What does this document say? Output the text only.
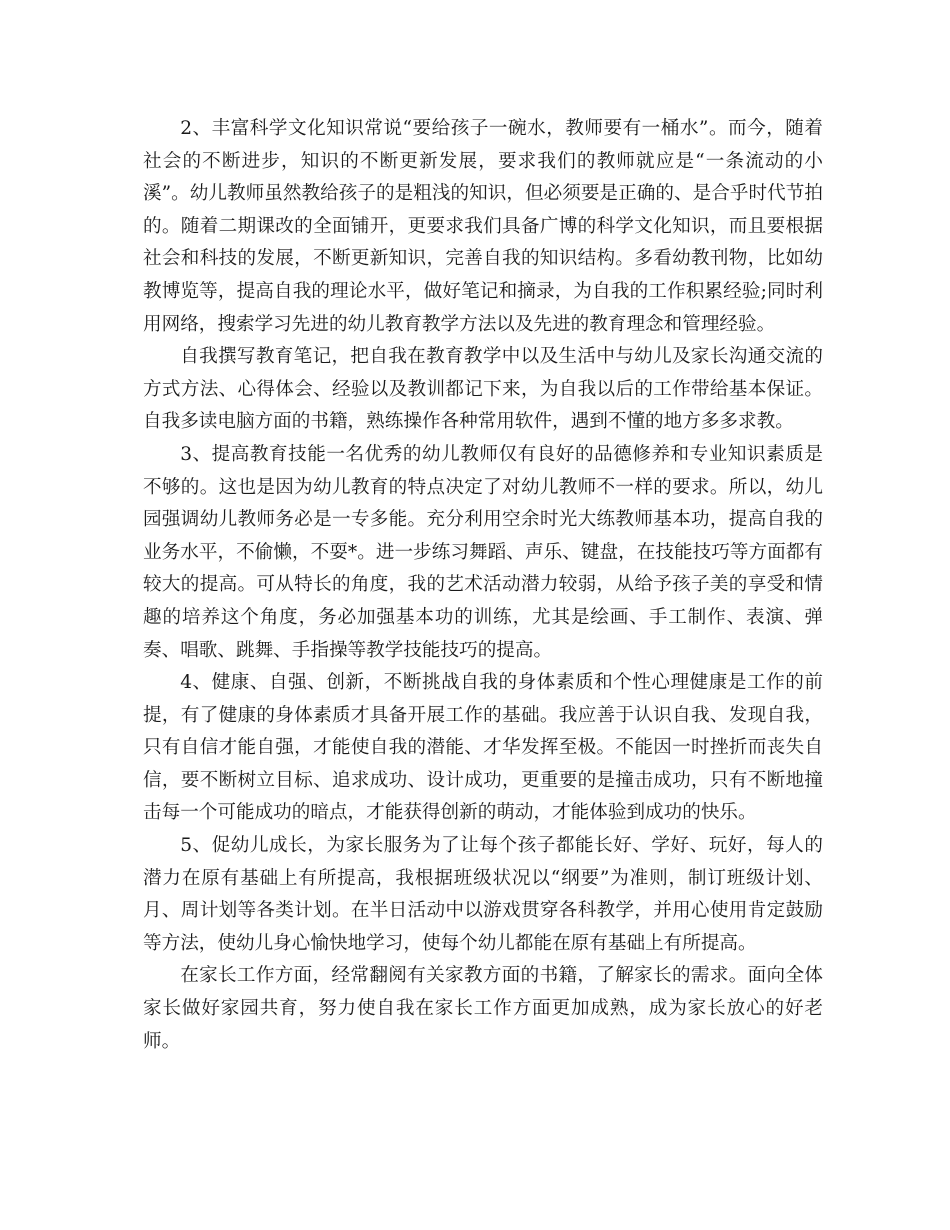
2、丰富科学文化知识常说“要给孩子一碗水，教师要有一桶水”。而今，随着社会的不断进步，知识的不断更新发展，要求我们的教师就应是“一条流动的小溪”。幼儿教师虽然教给孩子的是粗浅的知识，但必须要是正确的、是合乎时代节拍的。随着二期课改的全面铺开，更要求我们具备广博的科学文化知识，而且要根据社会和科技的发展，不断更新知识，完善自我的知识结构。多看幼教刊物，比如幼教博览等，提高自我的理论水平，做好笔记和摘录，为自我的工作积累经验;同时利用网络，搜索学习先进的幼儿教育教学方法以及先进的教育理念和管理经验。

自我撰写教育笔记，把自我在教育教学中以及生活中与幼儿及家长沟通交流的方式方法、心得体会、经验以及教训都记下来，为自我以后的工作带给基本保证。自我多读电脑方面的书籍，熟练操作各种常用软件，遇到不懂的地方多多求教。

3、提高教育技能一名优秀的幼儿教师仅有良好的品德修养和专业知识素质是不够的。这也是因为幼儿教育的特点决定了对幼儿教师不一样的要求。所以，幼儿园强调幼儿教师务必是一专多能。充分利用空余时光大练教师基本功，提高自我的业务水平，不偷懒，不耍*。进一步练习舞蹈、声乐、键盘，在技能技巧等方面都有较大的提高。可从特长的角度，我的艺术活动潜力较弱，从给予孩子美的享受和情趣的培养这个角度，务必加强基本功的训练，尤其是绘画、手工制作、表演、弹奏、唱歌、跳舞、手指操等教学技能技巧的提高。

4、健康、自强、创新，不断挑战自我的身体素质和个性心理健康是工作的前提，有了健康的身体素质才具备开展工作的基础。我应善于认识自我、发现自我，只有自信才能自强，才能使自我的潜能、才华发挥至极。不能因一时挫折而丧失自信，要不断树立目标、追求成功、设计成功，更重要的是撞击成功，只有不断地撞击每一个可能成功的暗点，才能获得创新的萌动，才能体验到成功的快乐。

5、促幼儿成长，为家长服务为了让每个孩子都能长好、学好、玩好，每人的潜力在原有基础上有所提高，我根据班级状况以“纲要”为准则，制订班级计划、月、周计划等各类计划。在半日活动中以游戏贯穿各科教学，并用心使用肯定鼓励等方法，使幼儿身心愉快地学习，使每个幼儿都能在原有基础上有所提高。

在家长工作方面，经常翻阅有关家教方面的书籍，了解家长的需求。面向全体家长做好家园共育，努力使自我在家长工作方面更加成熟，成为家长放心的好老师。
